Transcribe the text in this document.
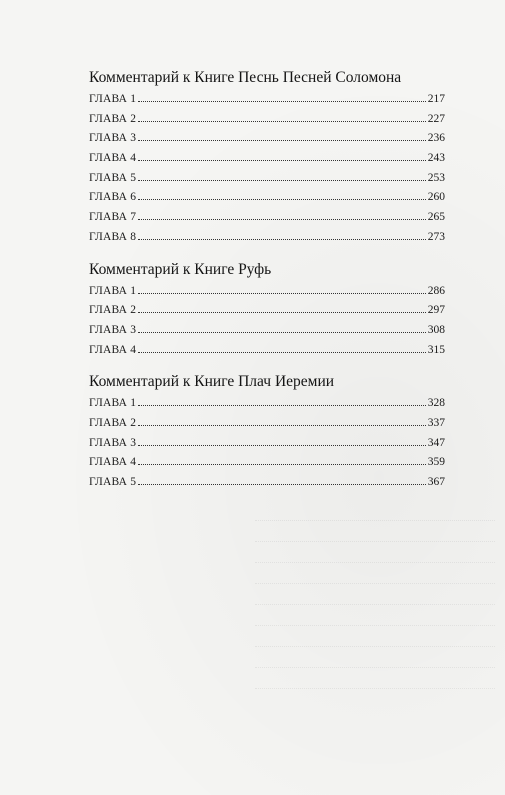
Комментарий к Книге Песнь Песней Соломона
ГЛАВА 1	217
ГЛАВА 2	227
ГЛАВА 3	236
ГЛАВА 4	243
ГЛАВА 5	253
ГЛАВА 6	260
ГЛАВА 7	265
ГЛАВА 8	273
Комментарий к Книге Руфь
ГЛАВА 1	286
ГЛАВА 2	297
ГЛАВА 3	308
ГЛАВА 4	315
Комментарий к Книге Плач Иеремии
ГЛАВА 1	328
ГЛАВА 2	337
ГЛАВА 3	347
ГЛАВА 4	359
ГЛАВА 5	367
